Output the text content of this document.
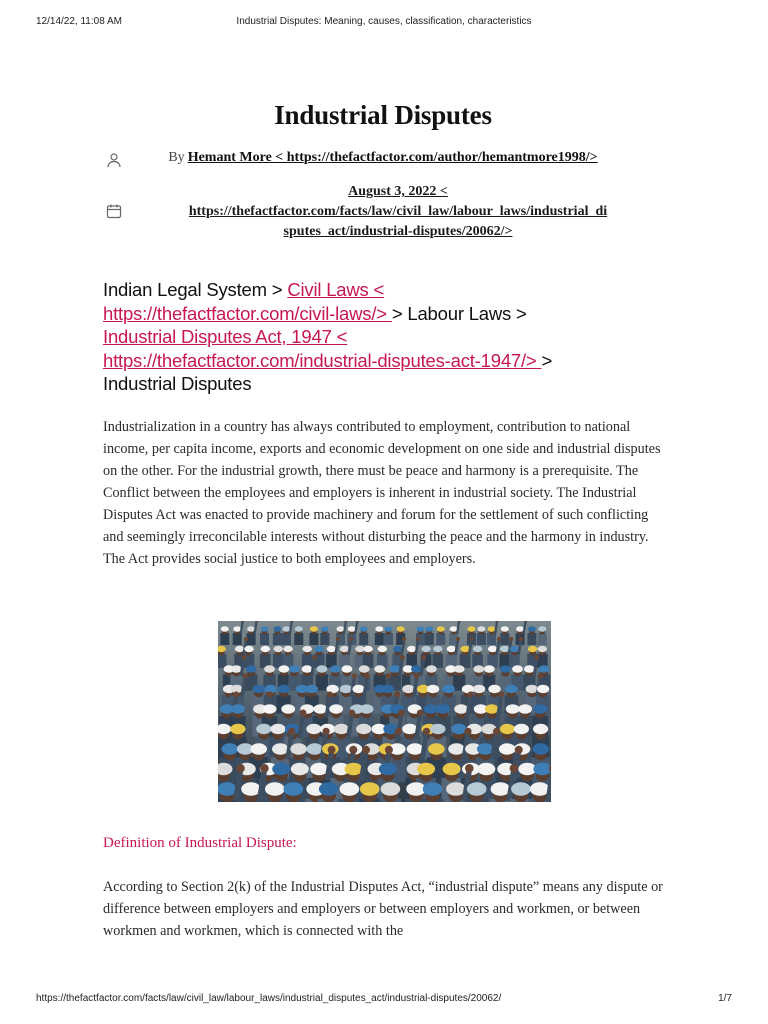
12/14/22, 11:08 AM	Industrial Disputes: Meaning, causes, classification, characteristics
Industrial Disputes
By Hemant More < https://thefactfactor.com/author/hemantmore1998/>
August 3, 2022 <
https://thefactfactor.com/facts/law/civil_law/labour_laws/industrial_di
sputes_act/industrial-disputes/20062/>
Indian Legal System > Civil Laws <
https://thefactfactor.com/civil-laws/> > Labour Laws >
Industrial Disputes Act, 1947 <
https://thefactfactor.com/industrial-disputes-act-1947/> >
Industrial Disputes

Industrialization in a country has always contributed to employment, contribution to national income, per capita income, exports and economic development on one side and industrial disputes on the other. For the industrial growth, there must be peace and harmony is a prerequisite. The Conflict between the employees and employers is inherent in industrial society. The Industrial Disputes Act was enacted to provide machinery and forum for the settlement of such conflicting and seemingly irreconcilable interests without disturbing the peace and the harmony in industry. The Act provides social justice to both employees and employers.

Definition of Industrial Dispute:

According to Section 2(k) of the Industrial Disputes Act, “industrial dispute” means any dispute or difference between employers and employers or between employers and workmen, or between workmen and workmen, which is connected with the

https://thefactfactor.com/facts/law/civil_law/labour_laws/industrial_disputes_act/industrial-disputes/20062/	1/7
